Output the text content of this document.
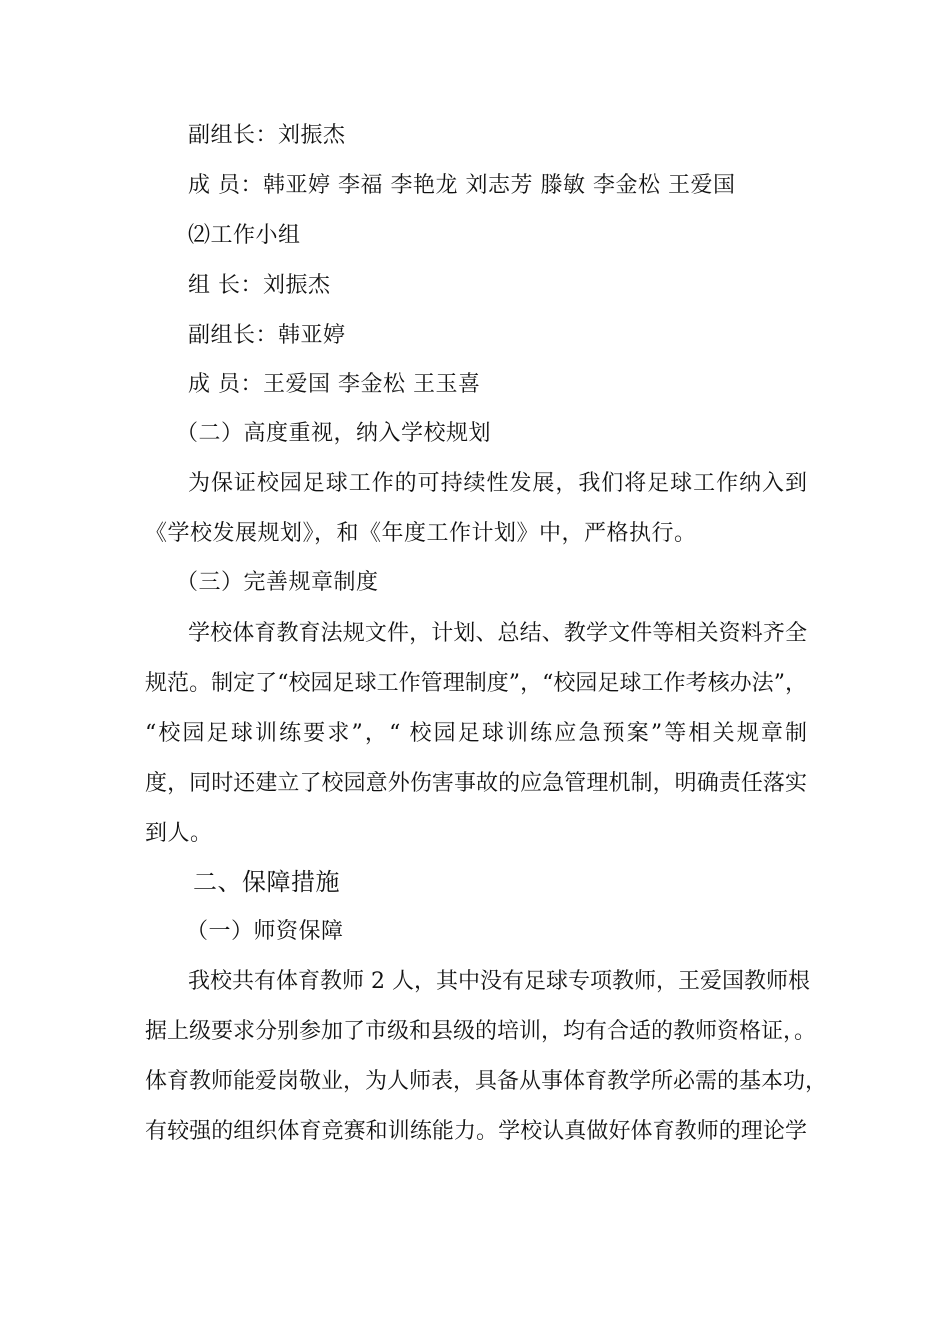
副组长：刘振杰
成 员：韩亚婷 李福 李艳龙 刘志芳 滕敏 李金松 王爱国
⑵工作小组
组 长：刘振杰
副组长：韩亚婷
成 员：王爱国 李金松 王玉喜
（二）高度重视，纳入学校规划
为保证校园足球工作的可持续性发展，我们将足球工作纳入到
《学校发展规划》，和《年度工作计划》中，严格执行。
（三）完善规章制度
学校体育教育法规文件，计划、总结、教学文件等相关资料齐全
规范。制定了“校园足球工作管理制度”，“校园足球工作考核办法”，
“校园足球训练要求”，“ 校园足球训练应急预案”等相关规章制
度，同时还建立了校园意外伤害事故的应急管理机制，明确责任落实
到人。
二、保障措施
（一）师资保障
我校共有体育教师 2 人，其中没有足球专项教师，王爱国教师根
据上级要求分别参加了市级和县级的培训，均有合适的教师资格证，。
体育教师能爱岗敬业，为人师表，具备从事体育教学所必需的基本功，
有较强的组织体育竞赛和训练能力。学校认真做好体育教师的理论学
